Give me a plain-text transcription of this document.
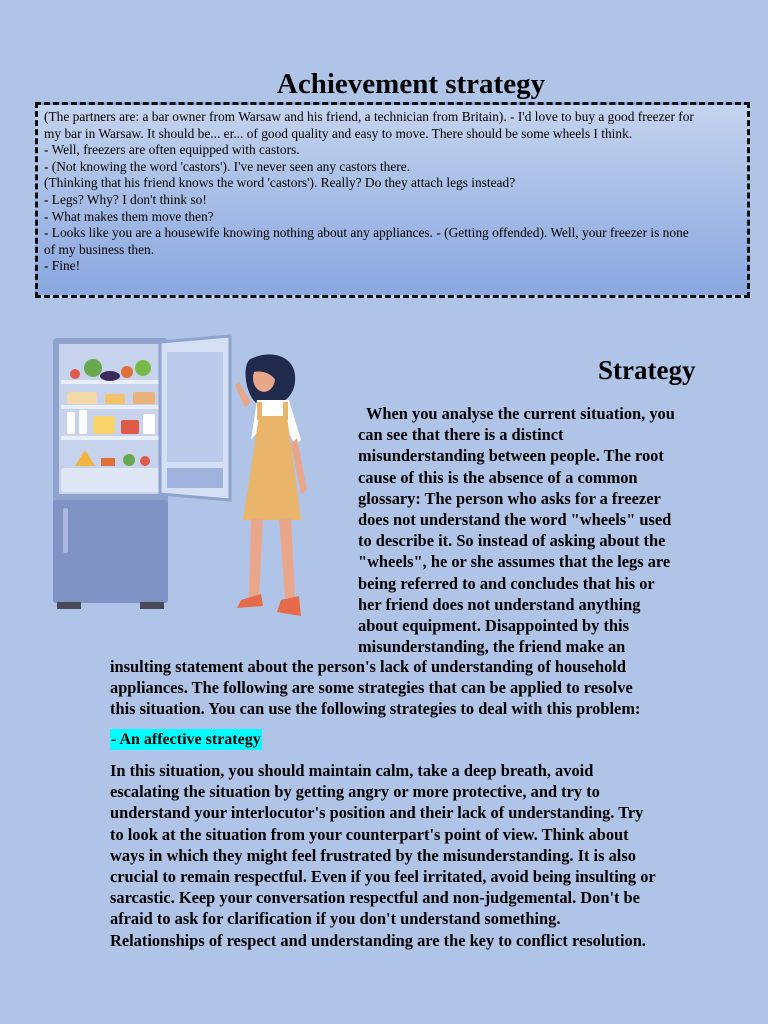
Achievement strategy
(The partners are: a bar owner from Warsaw and his friend, a technician from Britain). - I'd love to buy a good freezer for
my bar in Warsaw. It should be... er... of good quality and easy to move. There should be some wheels I think.
- Well, freezers are often equipped with castors.
- (Not knowing the word 'castors'). I've never seen any castors there.
(Thinking that his friend knows the word 'castors'). Really? Do they attach legs instead?
- Legs? Why? I don't think so!
- What makes them move then?
- Looks like you are a housewife knowing nothing about any appliances. - (Getting offended). Well, your freezer is none
of my business then.
- Fine!
Strategy
When you analyse the current situation, you
can see that there is a distinct
misunderstanding between people. The root
cause of this is the absence of a common
glossary: The person who asks for a freezer
does not understand the word "wheels" used
to describe it. So instead of asking about the
"wheels", he or she assumes that the legs are
being referred to and concludes that his or
her friend does not understand anything
about equipment. Disappointed by this
misunderstanding, the friend make an
insulting statement about the person's lack of understanding of household
appliances. The following are some strategies that can be applied to resolve
this situation. You can use the following strategies to deal with this problem:
- An affective strategy
In this situation, you should maintain calm, take a deep breath, avoid
escalating the situation by getting angry or more protective, and try to
understand your interlocutor's position and their lack of understanding. Try
to look at the situation from your counterpart's point of view. Think about
ways in which they might feel frustrated by the misunderstanding. It is also
crucial to remain respectful. Even if you feel irritated, avoid being insulting or
sarcastic. Keep your conversation respectful and non-judgemental. Don't be
afraid to ask for clarification if you don't understand something.
Relationships of respect and understanding are the key to conflict resolution.
